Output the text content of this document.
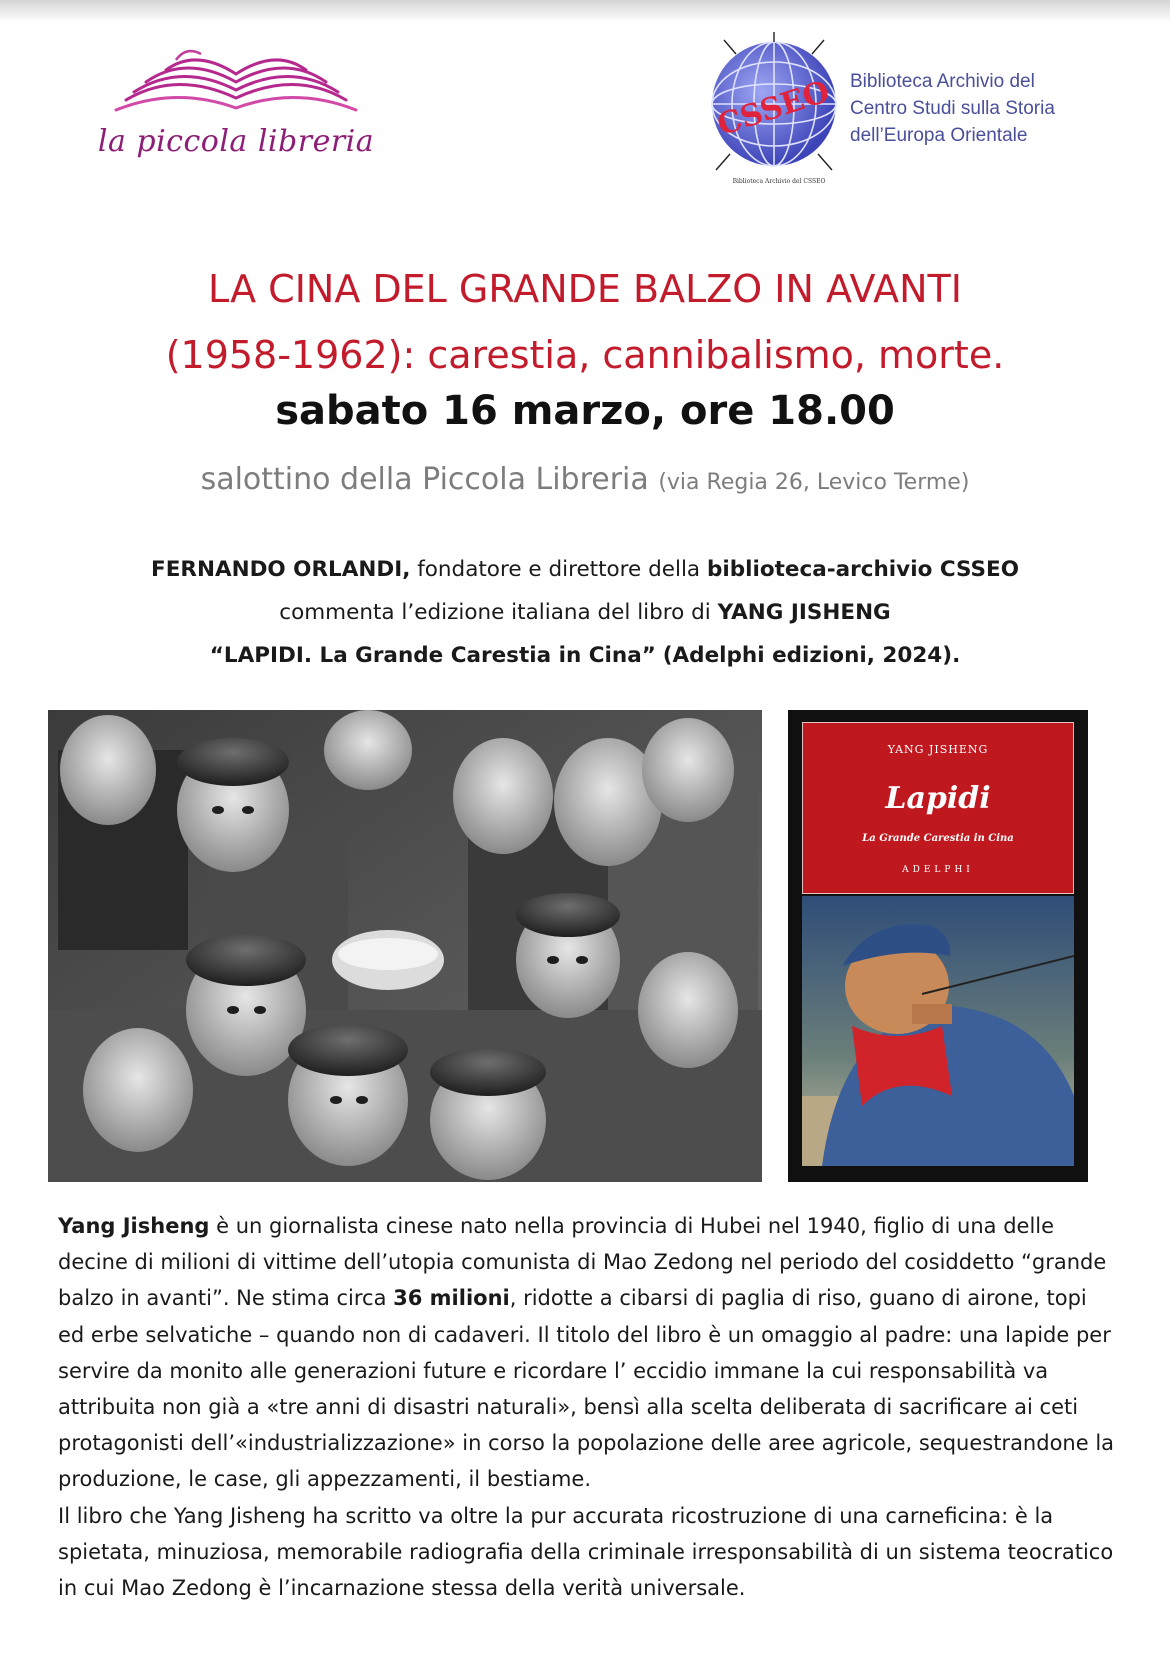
la piccola libreria	CSSEO
Biblioteca Archivio del CSSEO
Biblioteca Archivio del
Centro Studi sulla Storia
dell’Europa Orientale
LA CINA DEL GRANDE BALZO IN AVANTI
(1958-1962): carestia, cannibalismo, morte.
sabato 16 marzo, ore 18.00
salottino della Piccola Libreria (via Regia 26, Levico Terme)
FERNANDO ORLANDI, fondatore e direttore della biblioteca-archivio CSSEO
commenta l’edizione italiana del libro di YANG JISHENG
“LAPIDI. La Grande Carestia in Cina” (Adelphi edizioni, 2024).
YANG JISHENG
Lapidi
La Grande Carestia in Cina
ADELPHI

Yang Jisheng è un giornalista cinese nato nella provincia di Hubei nel 1940, figlio di una delle decine di milioni di vittime dell’utopia comunista di Mao Zedong nel periodo del cosiddetto “grande balzo in avanti”. Ne stima circa 36 milioni, ridotte a cibarsi di paglia di riso, guano di airone, topi ed erbe selvatiche – quando non di cadaveri. Il titolo del libro è un omaggio al padre: una lapide per servire da monito alle generazioni future e ricordare l’ eccidio immane la cui responsabilità va attribuita non già a «tre anni di disastri naturali», bensì alla scelta deliberata di sacrificare ai ceti protagonisti dell’«industrializzazione» in corso la popolazione delle aree agricole, sequestrandone la produzione, le case, gli appezzamenti, il bestiame.

Il libro che Yang Jisheng ha scritto va oltre la pur accurata ricostruzione di una carneficina: è la spietata, minuziosa, memorabile radiografia della criminale irresponsabilità di un sistema teocratico in cui Mao Zedong è l’incarnazione stessa della verità universale.
